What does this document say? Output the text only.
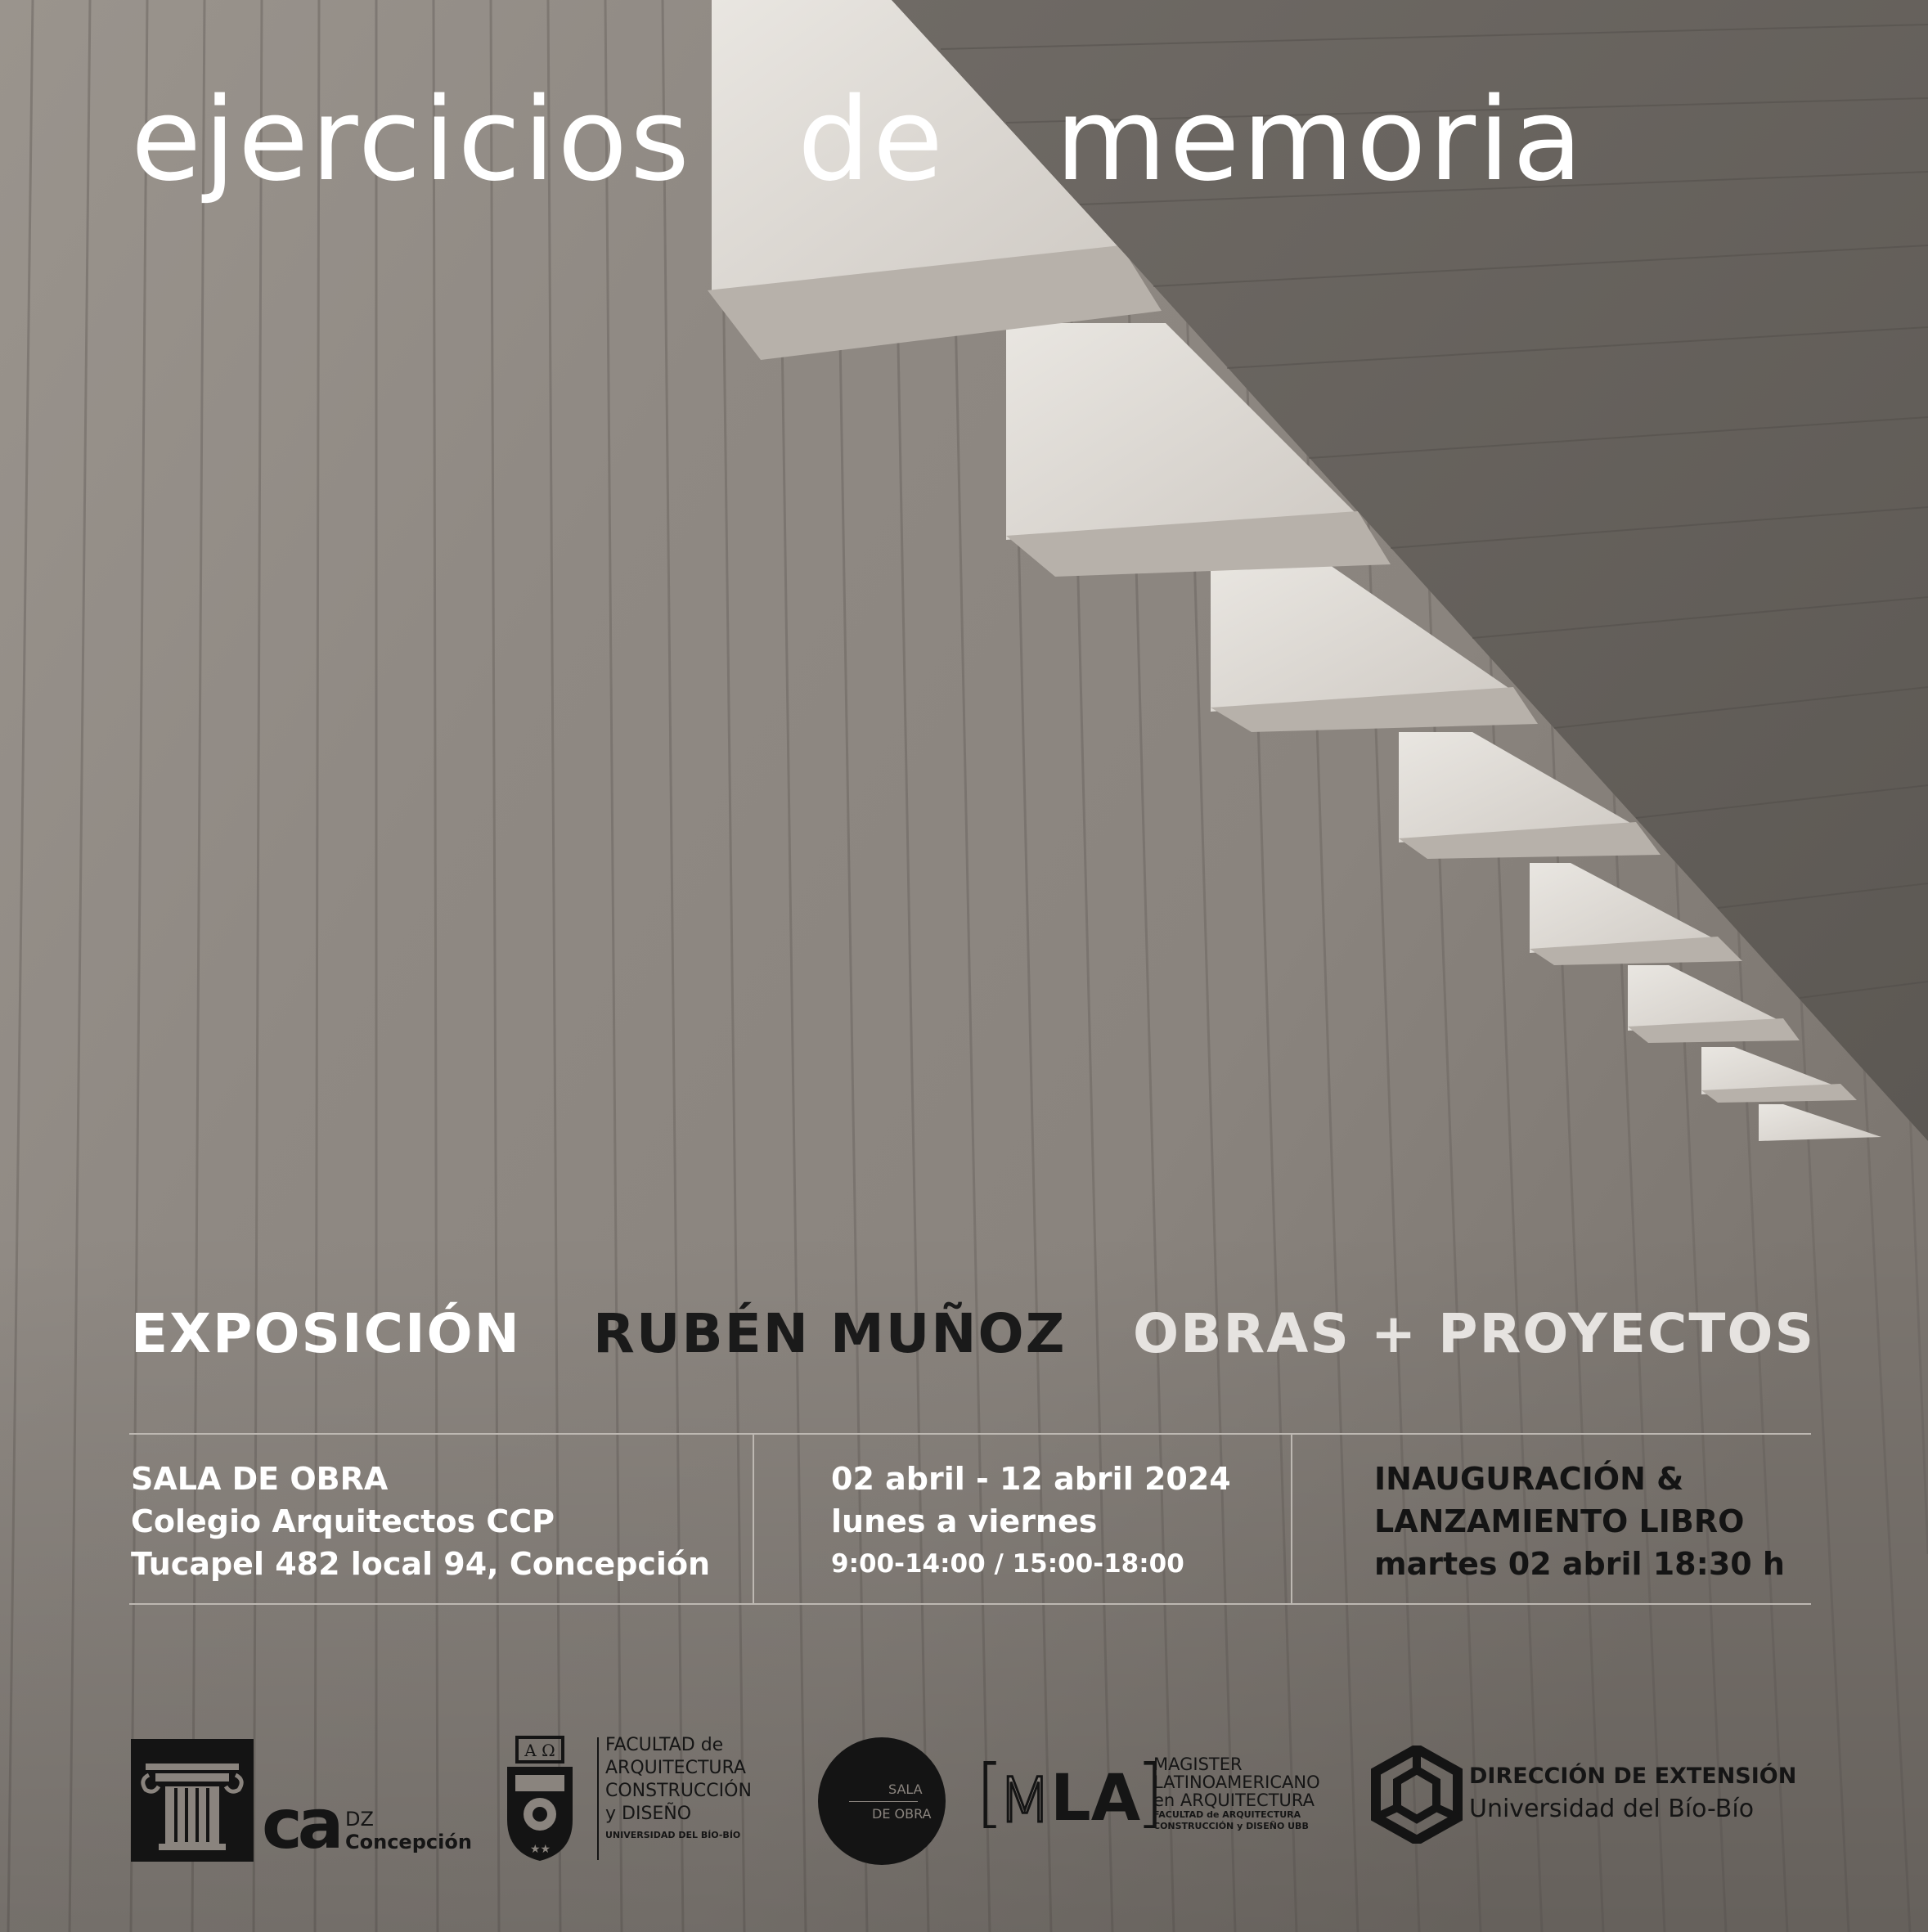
ejercicios de memoria
EXPOSICIÓN RUBÉN MUÑOZ OBRAS + PROYECTOS
SALA DE OBRA
Colegio Arquitectos CCP
Tucapel 482 local 94, Concepción
02 abril - 12 abril 2024
lunes a viernes
9:00-14:00 / 15:00-18:00
INAUGURACIÓN &
LANZAMIENTO LIBRO
martes 02 abril 18:30 h
ca DZ
Concepción
A Ω
★★
FACULTAD de
ARQUITECTURA
CONSTRUCCIÓN
y DISEÑO
UNIVERSIDAD DEL BÍO-BÍO
SALA
DE OBRA [
M
LA
]
MAGISTER
LATINOAMERICANO
en ARQUITECTURA
FACULTAD de ARQUITECTURA
CONSTRUCCIÓN y DISEÑO UBB
DIRECCIÓN DE EXTENSIÓN
Universidad del Bío-Bío
